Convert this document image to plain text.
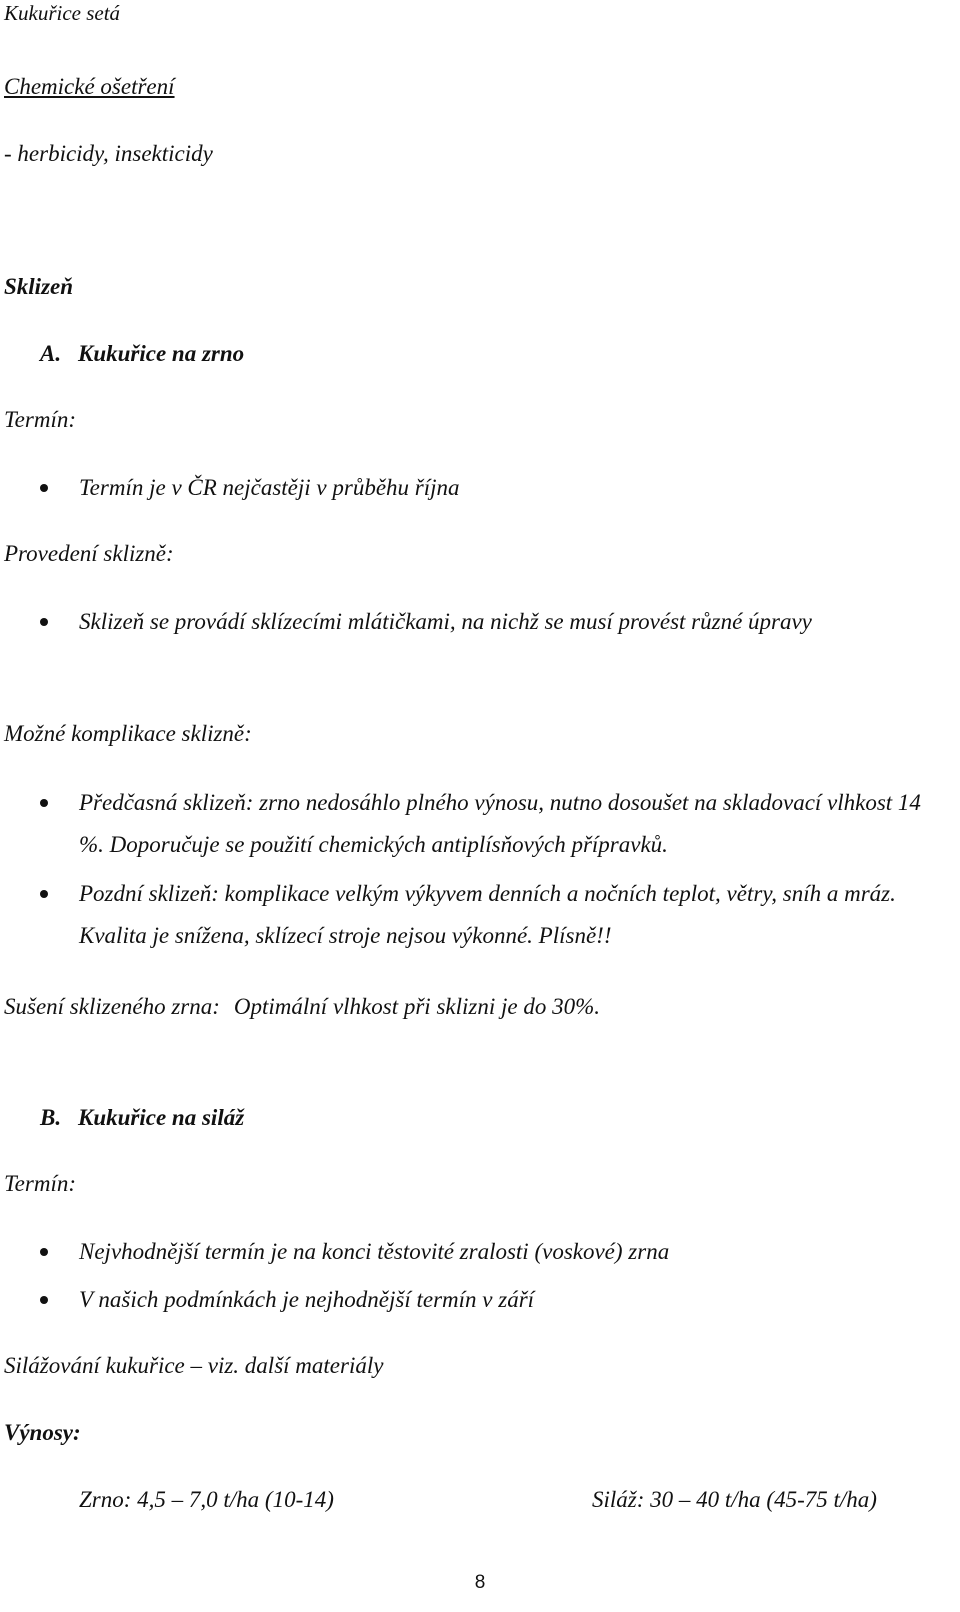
Kukuřice setá
Chemické ošetření
- herbicidy, insekticidy
Sklizeň
A. Kukuřice na zrno
Termín:
Termín je v ČR nejčastěji v průběhu října
Provedení sklizně:
Sklizeň se provádí sklízecími mlátičkami, na nichž se musí provést různé úpravy
Možné komplikace sklizně:
Předčasná sklizeň: zrno nedosáhlo plného výnosu, nutno dosoušet na skladovací vlhkost 14 %. Doporučuje se použití chemických antiplísňových přípravků.
Pozdní sklizeň: komplikace velkým výkyvem denních a nočních teplot, větry, sníh a mráz. Kvalita je snížena, sklízecí stroje nejsou výkonné. Plísně!!
Sušení sklizeného zrna: Optimální vlhkost při sklizni je do 30%.
B. Kukuřice na siláž
Termín:
Nejvhodnější termín je na konci těstovité zralosti (voskové) zrna
V našich podmínkách je nejhodnější termín v září
Silážování kukuřice – viz. další materiály
Výnosy:
Zrno: 4,5 – 7,0 t/ha (10-14)	Siláž: 30 – 40 t/ha (45-75 t/ha)
8
